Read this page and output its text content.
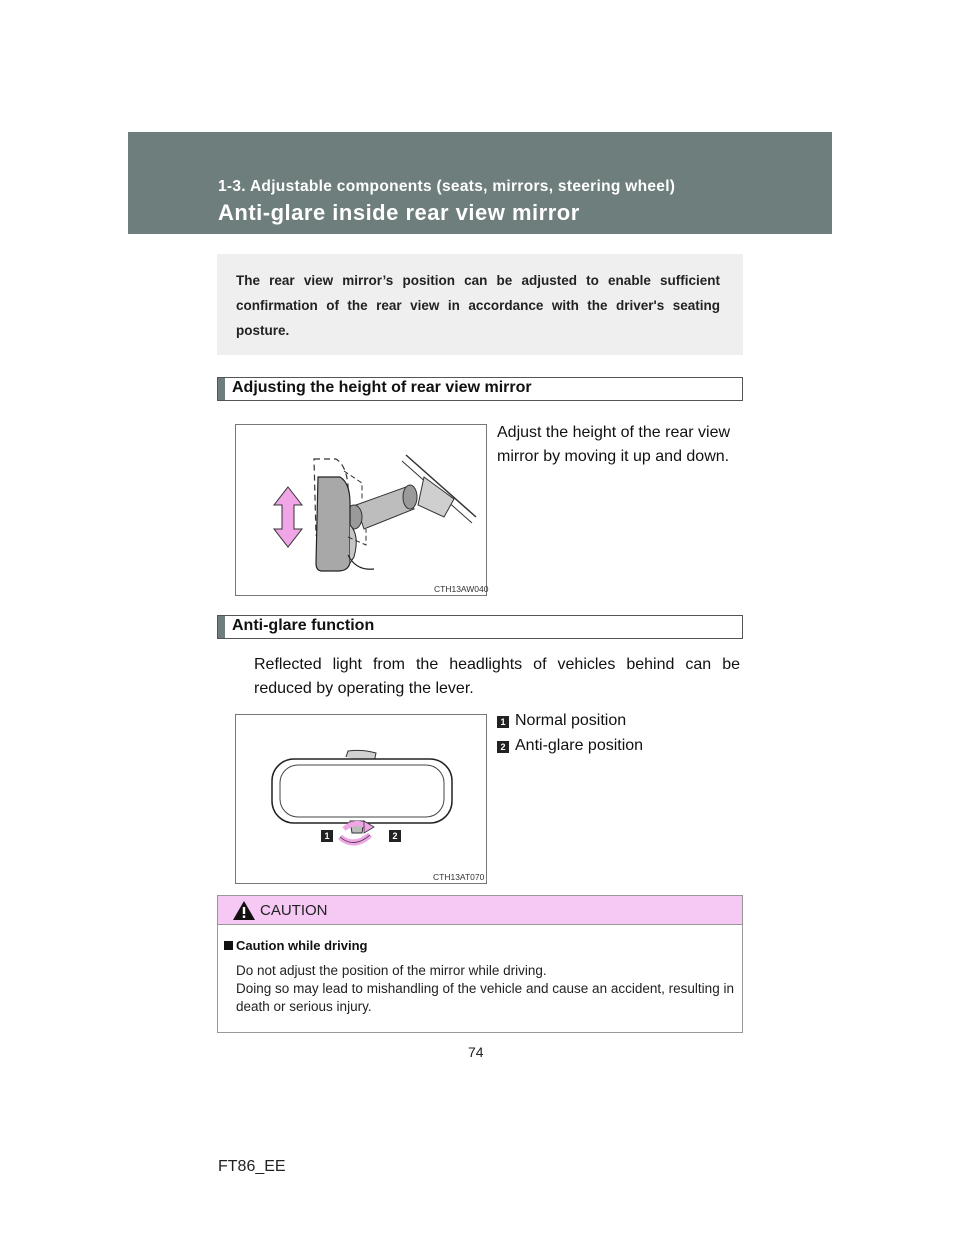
1-3. Adjustable components (seats, mirrors, steering wheel)
Anti-glare inside rear view mirror
The rear view mirror’s position can be adjusted to enable sufficient confirmation of the rear view in accordance with the driver's seating posture.
Adjusting the height of rear view mirror
CTH13AW040
Adjust the height of the rear view
mirror by moving it up and down.
Anti-glare function
Reflected light from the headlights of vehicles behind can be reduced by operating the lever.
1	2
CTH13AT070
1 Normal position
2 Anti-glare position
CAUTION
Caution while driving
Do not adjust the position of the mirror while driving.
Doing so may lead to mishandling of the vehicle and cause an accident, resulting in death or serious injury.
74
FT86_EE
